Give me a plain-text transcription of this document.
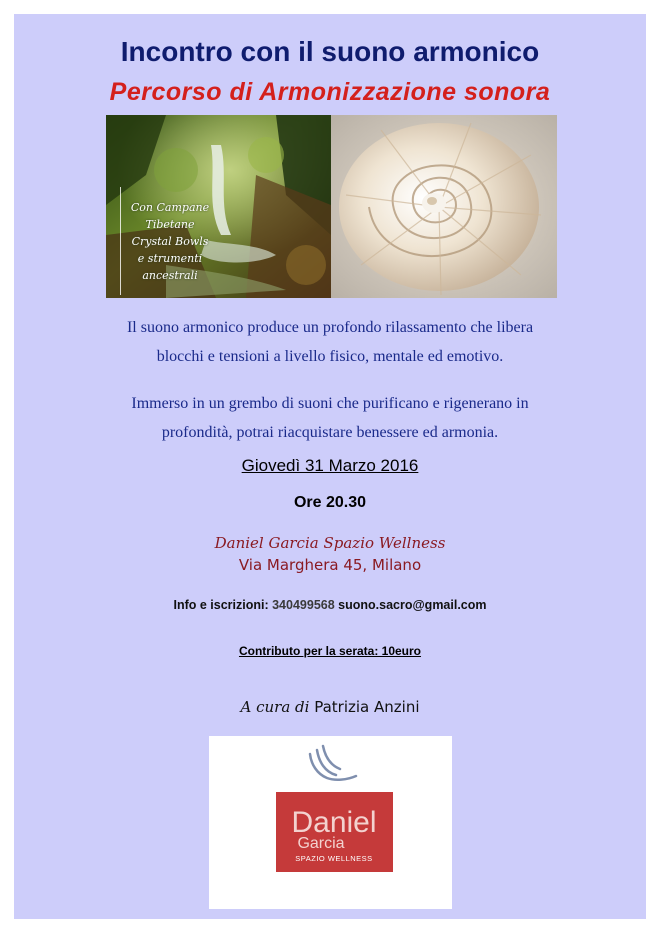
Incontro con il suono armonico
Percorso di Armonizzazione sonora
Con Campane
Tibetane
Crystal Bowls
e strumenti
ancestrali
Il suono armonico produce un profondo rilassamento che libera
blocchi e tensioni a livello fisico, mentale ed emotivo.
Immerso in un grembo di suoni che purificano e rigenerano in
profondità, potrai riacquistare benessere ed armonia.
Giovedì 31 Marzo 2016
Ore 20.30
Daniel Garcia Spazio Wellness
Via Marghera 45, Milano
Info e iscrizioni: 340499568 suono.sacro@gmail.com
Contributo per la serata: 10euro
A cura di Patrizia Anzini
Daniel
Garcia
SPAZIO WELLNESS
